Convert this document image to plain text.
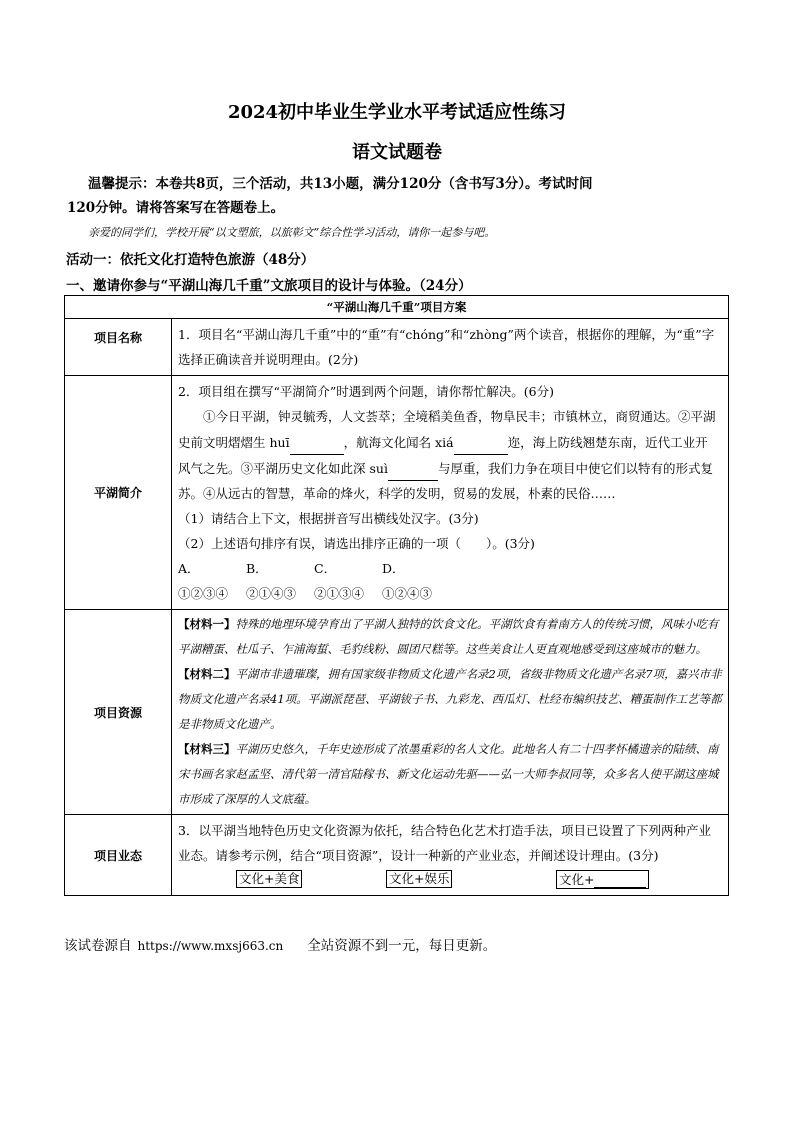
2024初中毕业生学业水平考试适应性练习
语文试题卷
温馨提示：本卷共8页，三个活动，共13小题，满分120分（含书写3分）。考试时间
120分钟。请将答案写在答题卷上。
亲爱的同学们，学校开展“以文塑旅，以旅彰文”综合性学习活动，请你一起参与吧。
活动一：依托文化打造特色旅游（48分）
一、邀请你参与“平湖山海几千重”文旅项目的设计与体验。（24分）
“平湖山海几千重”项目方案	
项目名称	1．项目名“平湖山海几千重”中的“重”有“chóng”和“zhòng”两个读音，根据你的理解，为“重”字选择正确读音并说明理由。(2分)
平湖简介	2．项目组在撰写“平湖简介”时遇到两个问题，请你帮忙解决。(6分)

①今日平湖，钟灵毓秀，人文荟萃；全境稻美鱼香，物阜民丰；市镇林立，商贸通达。②平湖史前文明熠熠生 huī ，航海文化闻名 xiá 迩，海上防线翘楚东南，近代工业开风气之先。③平湖历史文化如此深 suì 与厚重，我们力争在项目中使它们以特有的形式复苏。④从远古的智慧，革命的烽火，科学的发明，贸易的发展，朴素的民俗……

（1）请结合上下文，根据拼音写出横线处汉字。(3分)

（2）上述语句排序有误，请选出排序正确的一项（　　）。(3分)

A．①②③④B．②①④③C．②①③④D．①②④③

项目资源	【材料一】特殊的地理环境孕育出了平湖人独特的饮食文化。平湖饮食有着南方人的传统习惯，风味小吃有平湖糟蛋、杜瓜子、乍浦海蜇、毛豹线粉、圆团尺糕等。这些美食让人更直观地感受到这座城市的魅力。

【材料二】平湖市非遗璀璨，拥有国家级非物质文化遗产名录2项，省级非物质文化遗产名录7项，嘉兴市非物质文化遗产名录41项。平湖派琵琶、平湖钹子书、九彩龙、西瓜灯、杜经布编织技艺、糟蛋制作工艺等都是非物质文化遗产。

【材料三】平湖历史悠久，千年史迹形成了浓墨重彩的名人文化。此地名人有二十四孝怀橘遗亲的陆绩、南宋书画名家赵孟坚、清代第一清官陆稼书、新文化运动先驱——弘一大师李叔同等，众多名人使平湖这座城市形成了深厚的人文底蕴。

项目业态	3．以平湖当地特色历史文化资源为依托，结合特色化艺术打造手法，项目已设置了下列两种产业业态。请参考示例，结合“项目资源”，设计一种新的产业业态，并阐述设计理由。(3分)

文化+美食 文化+娱乐 文化+
该试卷源自 https://www.mxsj663.cn 全站资源不到一元，每日更新。
